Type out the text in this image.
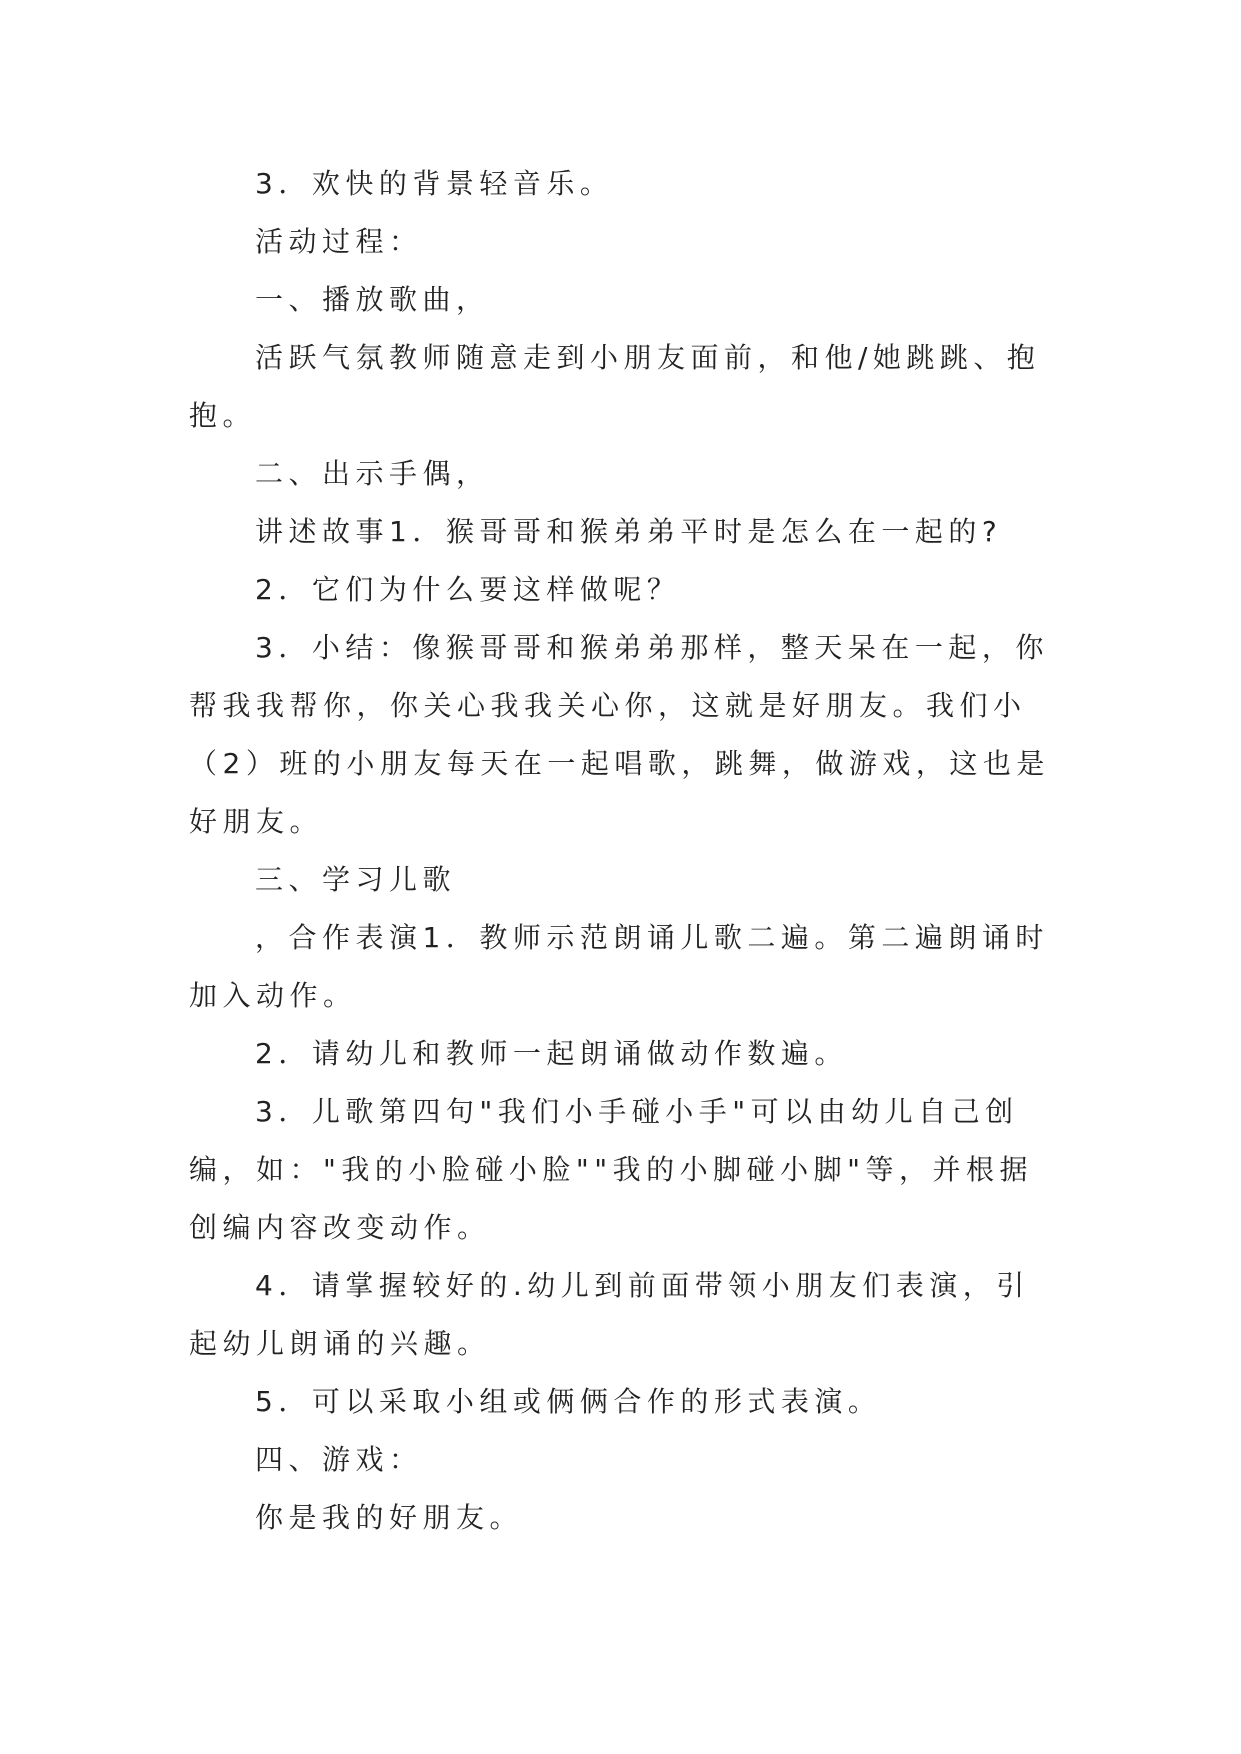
3．欢快的背景轻音乐。

活动过程：

一、播放歌曲，

活跃气氛教师随意走到小朋友面前，和他/她跳跳、抱抱。

二、出示手偶，

讲述故事1．猴哥哥和猴弟弟平时是怎么在一起的?

2．它们为什么要这样做呢？

3．小结：像猴哥哥和猴弟弟那样，整天呆在一起，你帮我我帮你，你关心我我关心你，这就是好朋友。我们小（2）班的小朋友每天在一起唱歌，跳舞，做游戏，这也是好朋友。

三、学习儿歌

，合作表演1．教师示范朗诵儿歌二遍。第二遍朗诵时加入动作。

2．请幼儿和教师一起朗诵做动作数遍。

3．儿歌第四句"我们小手碰小手"可以由幼儿自己创编，如："我的小脸碰小脸""我的小脚碰小脚"等，并根据创编内容改变动作。

4．请掌握较好的.幼儿到前面带领小朋友们表演，引起幼儿朗诵的兴趣。

5．可以采取小组或俩俩合作的形式表演。

四、游戏：

你是我的好朋友。
